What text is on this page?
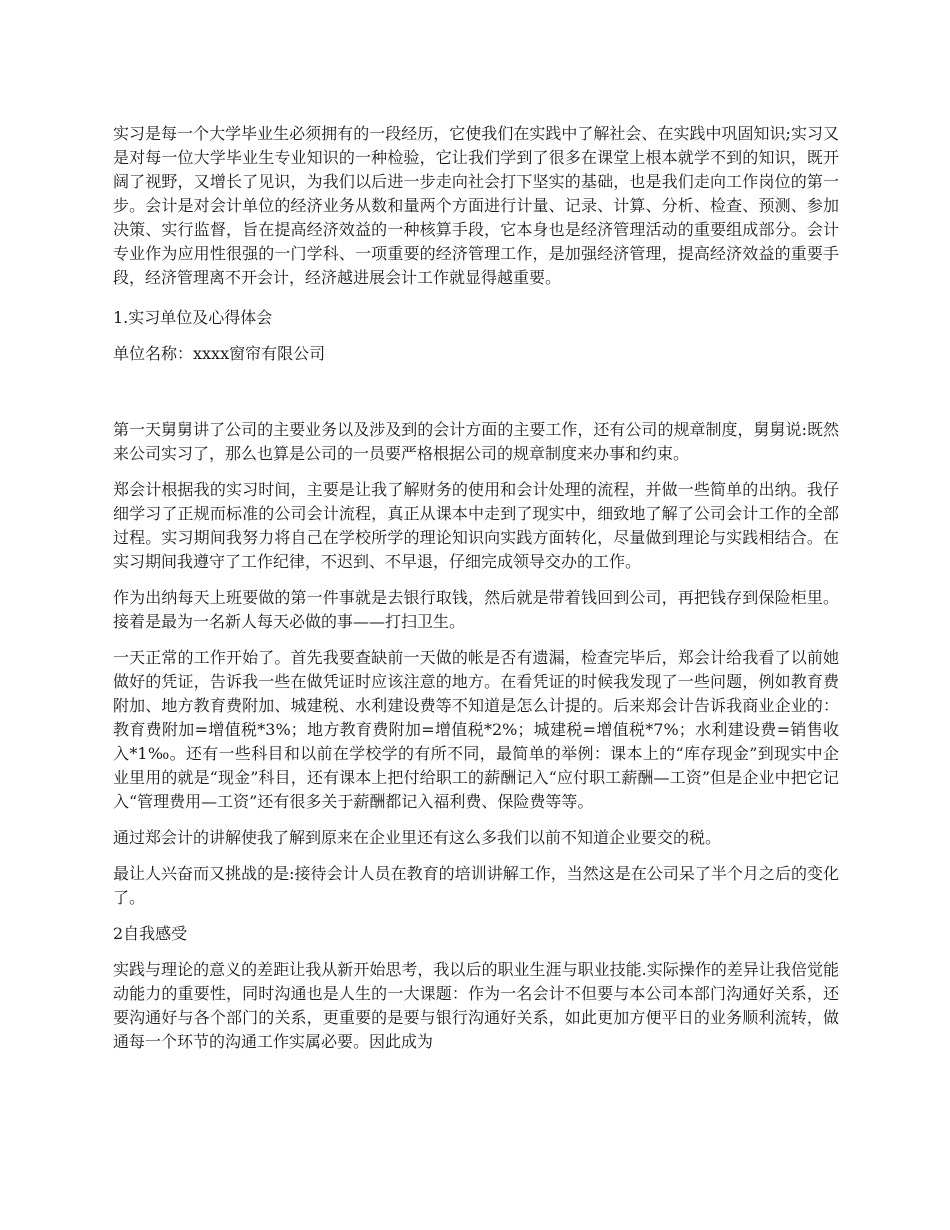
实习是每一个大学毕业生必须拥有的一段经历，它使我们在实践中了解社会、在实践中巩固知识;实习又是对每一位大学毕业生专业知识的一种检验，它让我们学到了很多在课堂上根本就学不到的知识，既开阔了视野，又增长了见识，为我们以后进一步走向社会打下坚实的基础，也是我们走向工作岗位的第一步。会计是对会计单位的经济业务从数和量两个方面进行计量、记录、计算、分析、检查、预测、参加决策、实行监督，旨在提高经济效益的一种核算手段，它本身也是经济管理活动的重要组成部分。会计专业作为应用性很强的一门学科、一项重要的经济管理工作，是加强经济管理，提高经济效益的重要手段，经济管理离不开会计，经济越进展会计工作就显得越重要。

1.实习单位及心得体会

单位名称：xxxx窗帘有限公司

第一天舅舅讲了公司的主要业务以及涉及到的会计方面的主要工作，还有公司的规章制度，舅舅说:既然来公司实习了，那么也算是公司的一员要严格根据公司的规章制度来办事和约束。

郑会计根据我的实习时间，主要是让我了解财务的使用和会计处理的流程，并做一些简单的出纳。我仔细学习了正规而标准的公司会计流程，真正从课本中走到了现实中，细致地了解了公司会计工作的全部过程。实习期间我努力将自己在学校所学的理论知识向实践方面转化，尽量做到理论与实践相结合。在实习期间我遵守了工作纪律，不迟到、不早退，仔细完成领导交办的工作。

作为出纳每天上班要做的第一件事就是去银行取钱，然后就是带着钱回到公司，再把钱存到保险柜里。接着是最为一名新人每天必做的事——打扫卫生。

一天正常的工作开始了。首先我要查缺前一天做的帐是否有遗漏，检查完毕后，郑会计给我看了以前她做好的凭证，告诉我一些在做凭证时应该注意的地方。在看凭证的时候我发现了一些问题，例如教育费附加、地方教育费附加、城建税、水利建设费等不知道是怎么计提的。后来郑会计告诉我商业企业的：教育费附加=增值税*3%；地方教育费附加=增值税*2%；城建税=增值税*7%；水利建设费=销售收入*1‰。还有一些科目和以前在学校学的有所不同，最简单的举例：课本上的“库存现金”到现实中企业里用的就是“现金”科目，还有课本上把付给职工的薪酬记入“应付职工薪酬—工资”但是企业中把它记入“管理费用—工资”还有很多关于薪酬都记入福利费、保险费等等。

通过郑会计的讲解使我了解到原来在企业里还有这么多我们以前不知道企业要交的税。

最让人兴奋而又挑战的是:接待会计人员在教育的培训讲解工作，当然这是在公司呆了半个月之后的变化了。

2自我感受

实践与理论的意义的差距让我从新开始思考，我以后的职业生涯与职业技能.实际操作的差异让我倍觉能动能力的重要性，同时沟通也是人生的一大课题：作为一名会计不但要与本公司本部门沟通好关系，还要沟通好与各个部门的关系，更重要的是要与银行沟通好关系，如此更加方便平日的业务顺利流转，做通每一个环节的沟通工作实属必要。因此成为
